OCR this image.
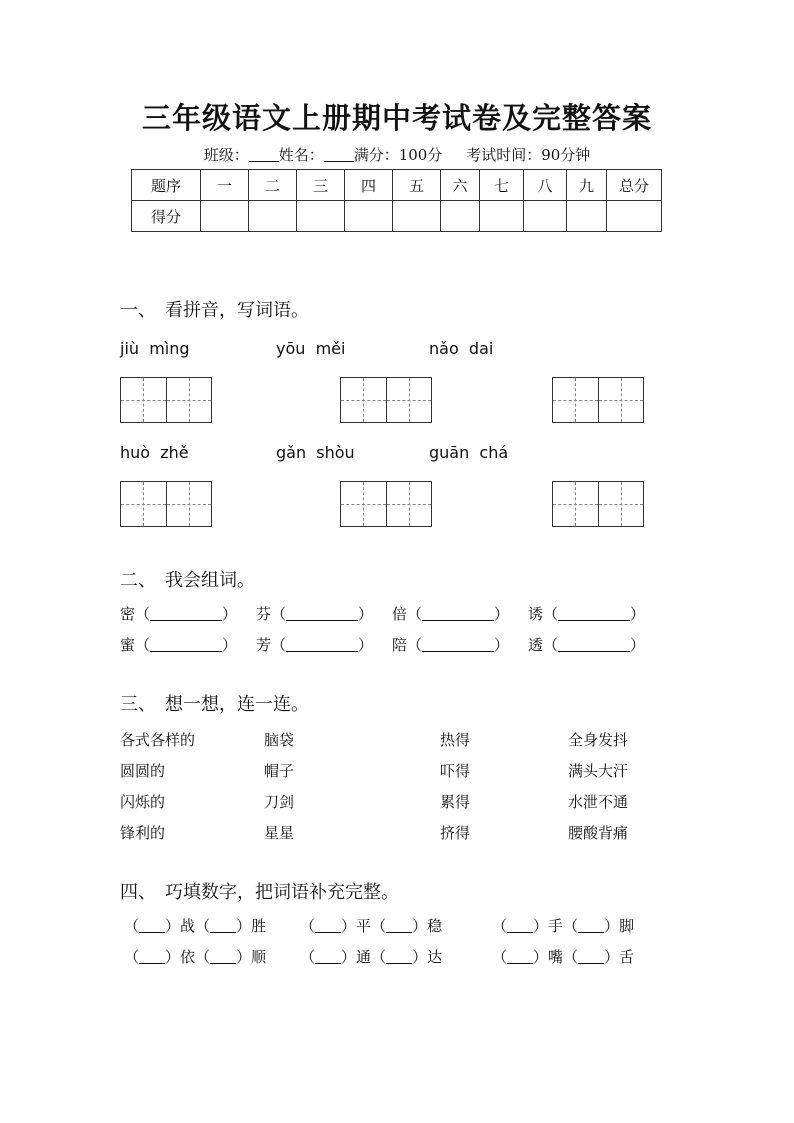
三年级语文上册期中考试卷及完整答案
班级： 姓名： 满分：100分 考试时间：90分钟
题序	一	二	三	四	五	六	七	八	九	总分
得分										
一、　看拼音，写词语。
jiù  mìng	yōu  měi	nǎo  dai
huò  zhě	gǎn  shòu	guān  chá
二、　我会组词。
密（	） 芬（	） 倍（	） 诱（	）
蜜（	） 芳（	） 陪（	） 透（	）
三、　想一想，连一连。
各式各样的	脑袋	热得	全身发抖
圆圆的	帽子	吓得	满头大汗
闪烁的	刀剑	累得	水泄不通
锋利的	星星	挤得	腰酸背痛
四、　巧填数字，把词语补充完整。
（ ）战（ ）胜 （ ）平（ ）稳	（ ）手（ ）脚
（ ）依（ ）顺 （ ）通（ ）达	（ ）嘴（ ）舌
